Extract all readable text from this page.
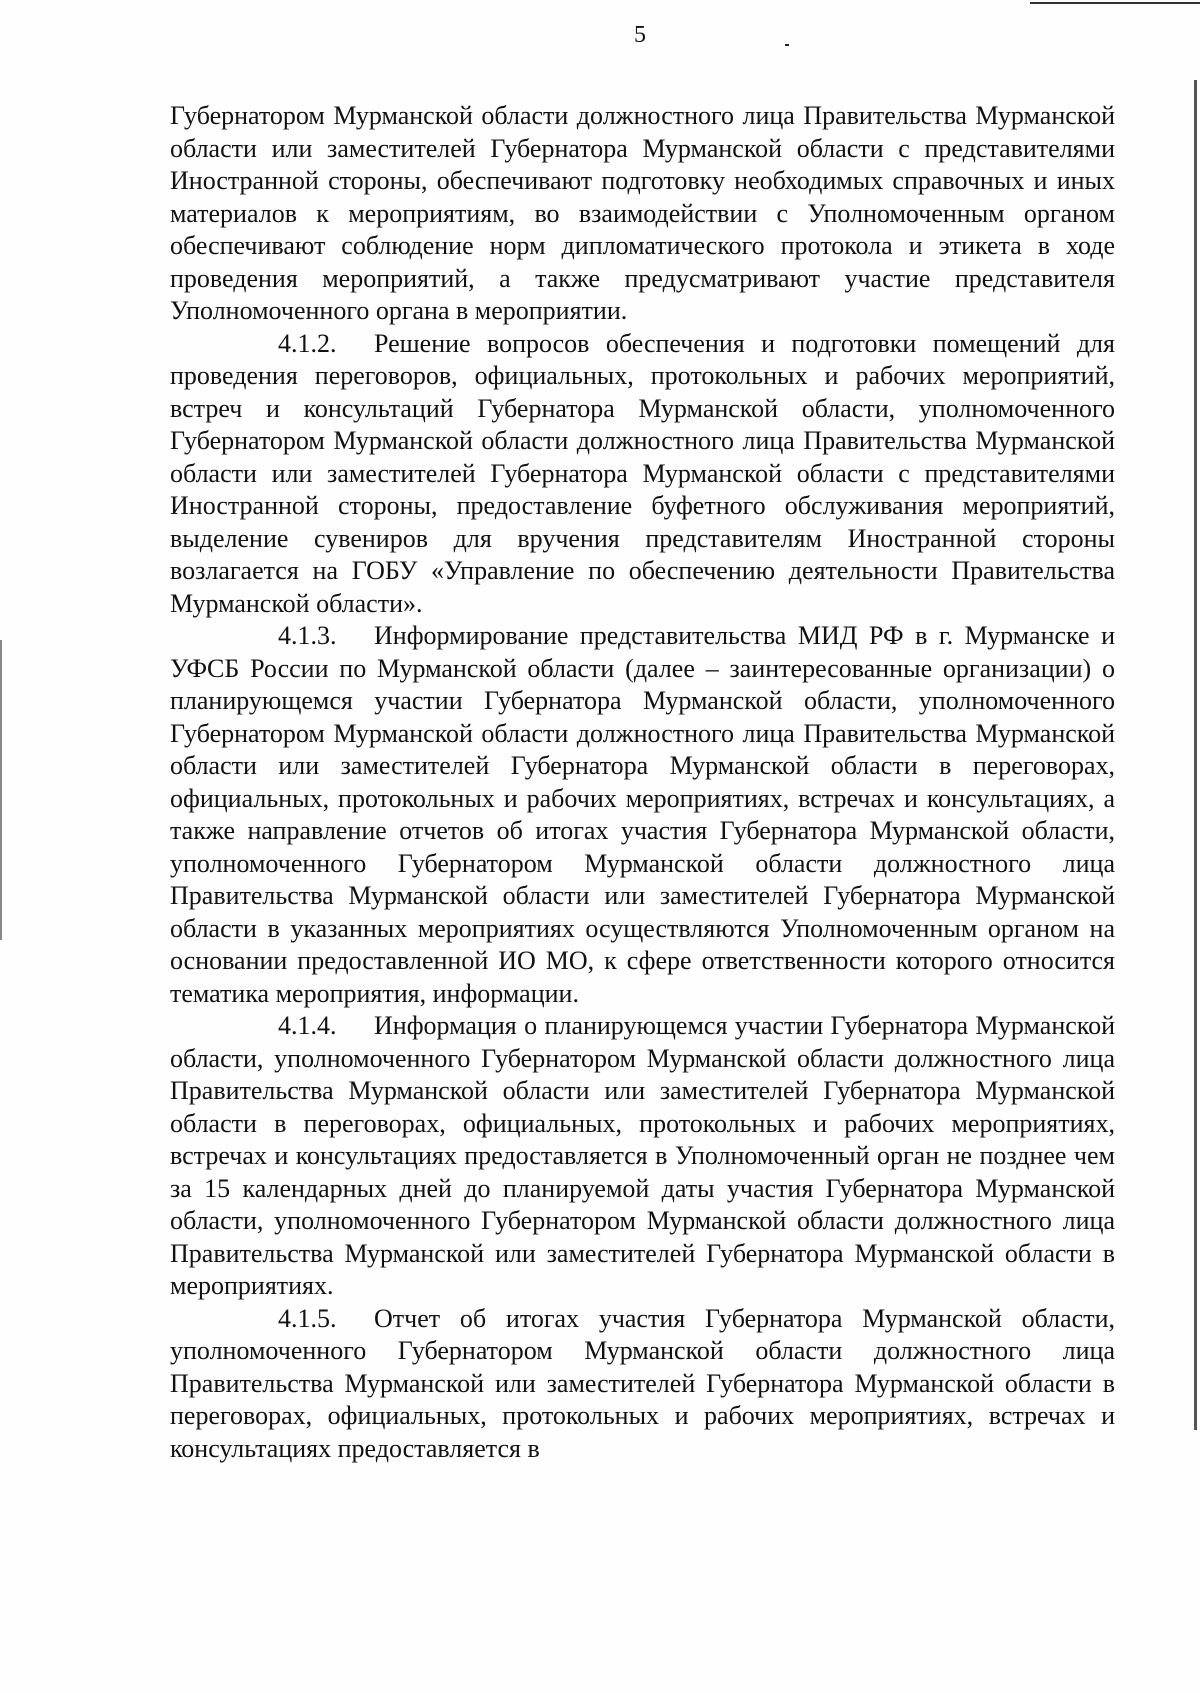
5

Губернатором Мурманской области должностного лица Правительства Мурманской области или заместителей Губернатора Мурманской области с представителями Иностранной стороны, обеспечивают подготовку необходимых справочных и иных материалов к мероприятиям, во взаимодействии с Уполномоченным органом обеспечивают соблюдение норм дипломатического протокола и этикета в ходе проведения мероприятий, а также предусматривают участие представителя Уполномоченного органа в мероприятии.

4.1.2. Решение вопросов обеспечения и подготовки помещений для проведения переговоров, официальных, протокольных и рабочих мероприятий, встреч и консультаций Губернатора Мурманской области, уполномоченного Губернатором Мурманской области должностного лица Правительства Мурманской области или заместителей Губернатора Мурманской области с представителями Иностранной стороны, предоставление буфетного обслуживания мероприятий, выделение сувениров для вручения представителям Иностранной стороны возлагается на ГОБУ «Управление по обеспечению деятельности Правительства Мурманской области».

4.1.3. Информирование представительства МИД РФ в г. Мурманске и УФСБ России по Мурманской области (далее – заинтересованные организации) о планирующемся участии Губернатора Мурманской области, уполномоченного Губернатором Мурманской области должностного лица Правительства Мурманской области или заместителей Губернатора Мурманской области в переговорах, официальных, протокольных и рабочих мероприятиях, встречах и консультациях, а также направление отчетов об итогах участия Губернатора Мурманской области, уполномоченного Губернатором Мурманской области должностного лица Правительства Мурманской области или заместителей Губернатора Мурманской области в указанных мероприятиях осуществляются Уполномоченным органом на основании предоставленной ИО МО, к сфере ответственности которого относится тематика мероприятия, информации.

4.1.4. Информация о планирующемся участии Губернатора Мурманской области, уполномоченного Губернатором Мурманской области должностного лица Правительства Мурманской области или заместителей Губернатора Мурманской области в переговорах, официальных, протокольных и рабочих мероприятиях, встречах и консультациях предоставляется в Уполномоченный орган не позднее чем за 15 календарных дней до планируемой даты участия Губернатора Мурманской области, уполномоченного Губернатором Мурманской области должностного лица Правительства Мурманской или заместителей Губернатора Мурманской области в мероприятиях.

4.1.5. Отчет об итогах участия Губернатора Мурманской области, уполномоченного Губернатором Мурманской области должностного лица Правительства Мурманской или заместителей Губернатора Мурманской области в переговорах, официальных, протокольных и рабочих мероприятиях, встречах и консультациях предоставляется в
